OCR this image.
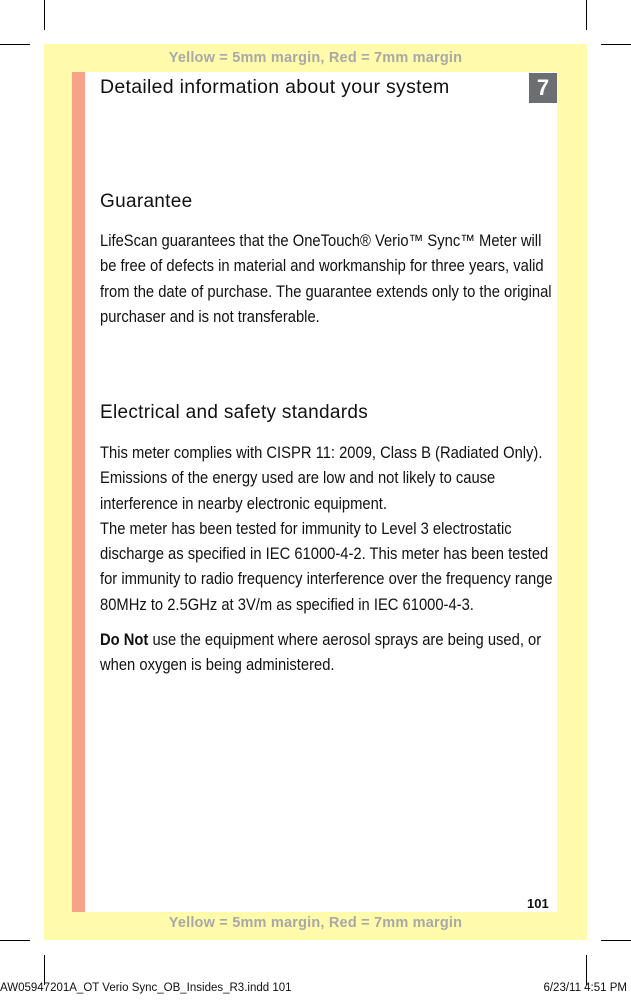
Yellow = 5mm margin, Red = 7mm margin
Detailed information about your system	7
Guarantee

LifeScan guarantees that the OneTouch® Verio™ Sync™ Meter will be free of defects in material and workmanship for three years, valid from the date of purchase. The guarantee extends only to the original purchaser and is not transferable.

Electrical and safety standards

This meter complies with CISPR 11: 2009, Class B (Radiated Only). Emissions of the energy used are low and not likely to cause interference in nearby electronic equipment.

The meter has been tested for immunity to Level 3 electrostatic discharge as specified in IEC 61000-4-2. This meter has been tested for immunity to radio frequency interference over the frequency range 80MHz to 2.5GHz at 3V/m as specified in IEC 61000-4-3.

Do Not use the equipment where aerosol sprays are being used, or when oxygen is being administered.

101
Yellow = 5mm margin, Red = 7mm margin
AW05947201A_OT Verio Sync_OB_Insides_R3.indd 101	6/23/11 4:51 PM
